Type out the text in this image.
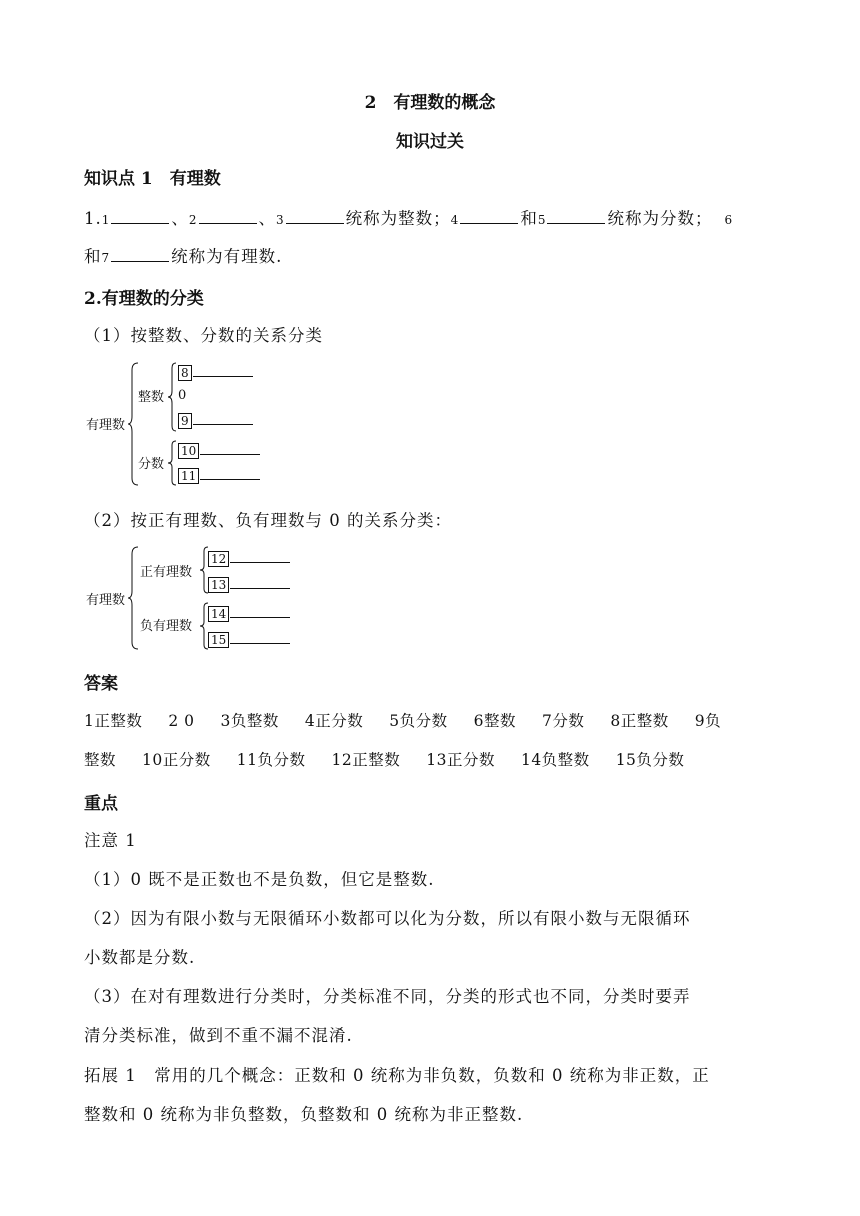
2　有理数的概念
知识过关
知识点 1　有理数
1.1	、2	、3	统称为整数；4	和5	统称为分数； 6
和7	统称为有理数.
2.有理数的分类
（1）按整数、分数的关系分类
有理数
整数
8
0
9
分数
10
11
（2）按正有理数、负有理数与 0 的关系分类：
有理数
正有理数
12
13
负有理数
14
15
答案
1正整数 2 0 3负整数 4正分数 5负分数 6整数 7分数 8正整数 9负
整数 10正分数 11负分数 12正整数 13正分数 14负整数 15负分数
重点
注意 1
（1）0 既不是正数也不是负数，但它是整数.
（2）因为有限小数与无限循环小数都可以化为分数，所以有限小数与无限循环
小数都是分数.
（3）在对有理数进行分类时，分类标准不同，分类的形式也不同，分类时要弄
清分类标准，做到不重不漏不混淆.
拓展 1　常用的几个概念：正数和 0 统称为非负数，负数和 0 统称为非正数，正
整数和 0 统称为非负整数，负整数和 0 统称为非正整数.
